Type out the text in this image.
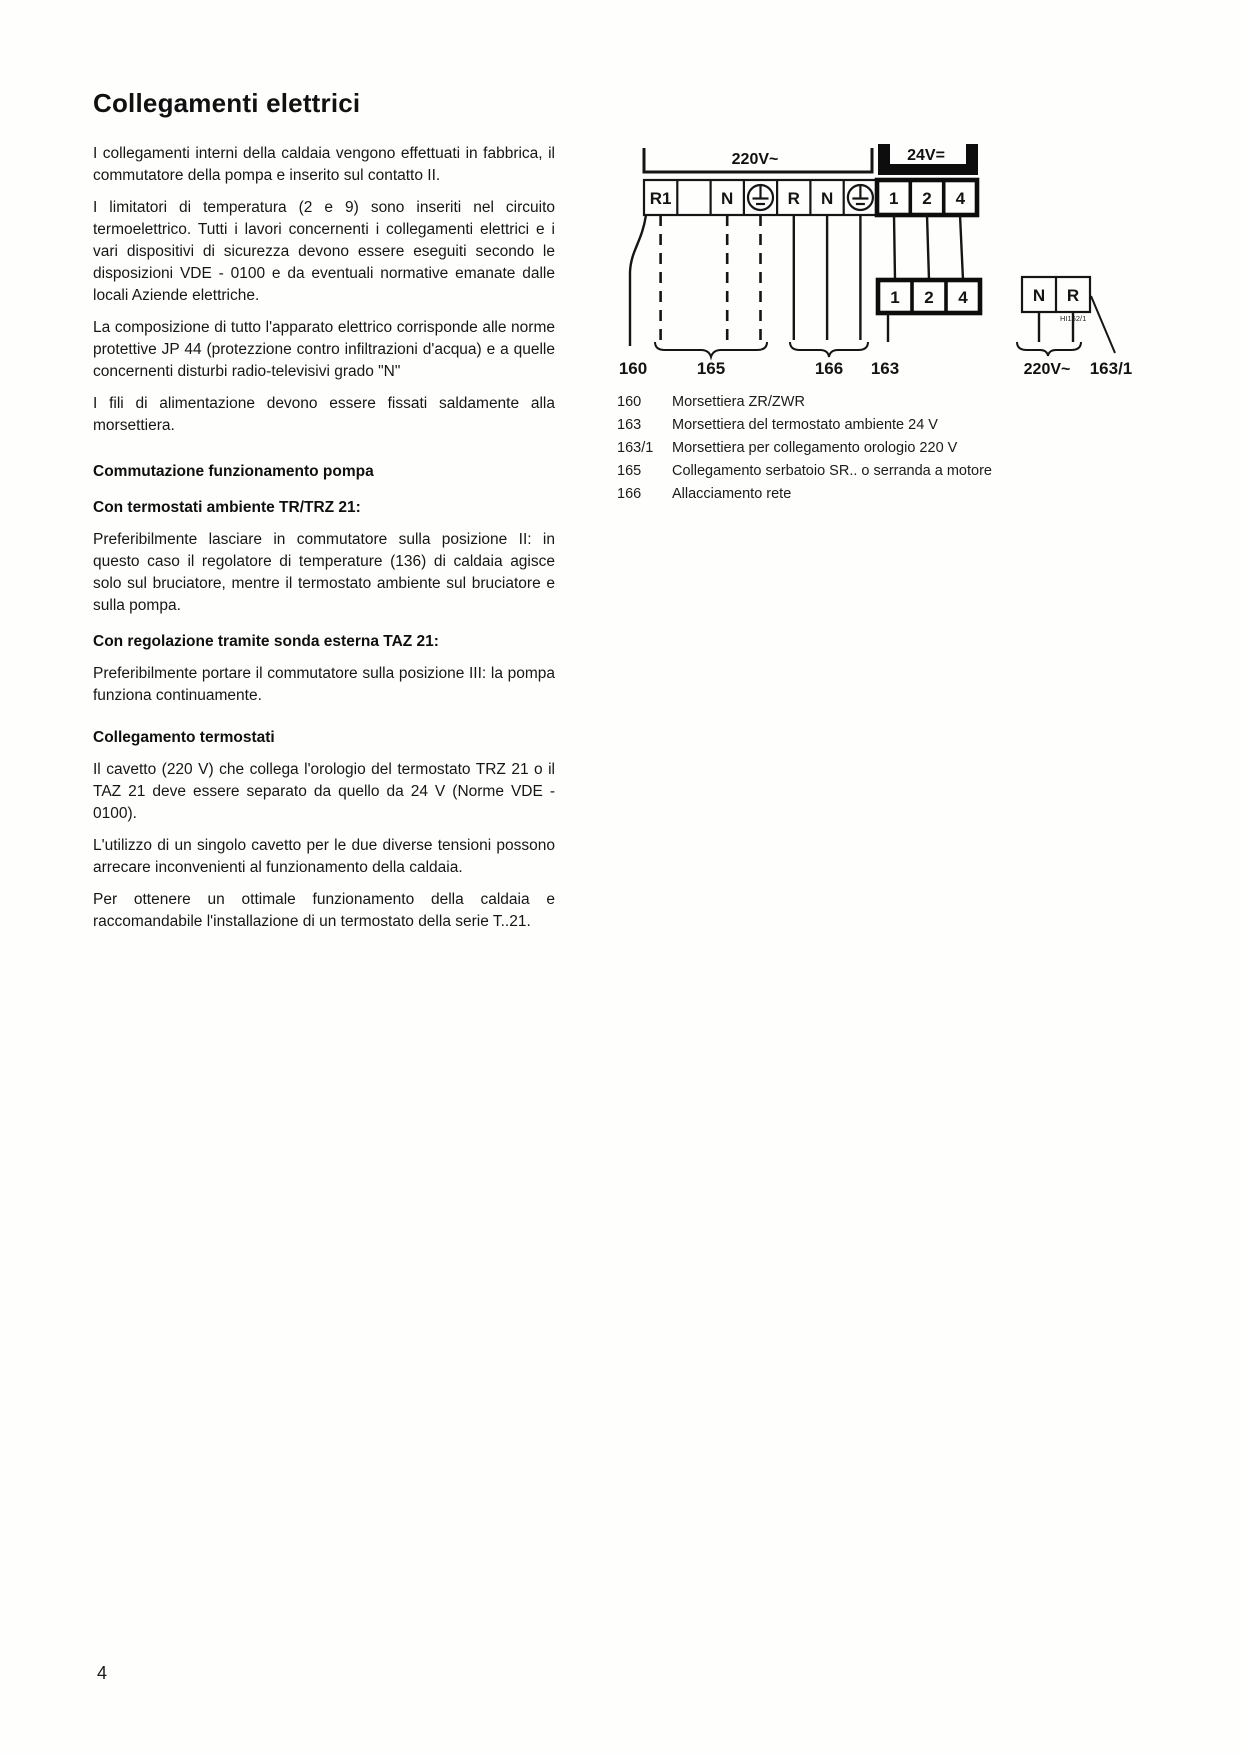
Collegamenti elettrici

I collegamenti interni della caldaia vengono effettuati in fabbrica, il commutatore della pompa e inserito sul contatto II.

I limitatori di temperatura (2 e 9) sono inseriti nel circuito termoelettrico. Tutti i lavori concernenti i collegamenti elettrici e i vari dispositivi di sicurezza devono essere eseguiti secondo le disposizioni VDE - 0100 e da eventuali normative emanate dalle locali Aziende elettriche.

La composizione di tutto l'apparato elettrico corrisponde alle norme protettive JP 44 (protezzione contro infiltrazioni d'acqua) e a quelle concernenti disturbi radio-televisivi grado "N"

I fili di alimentazione devono essere fissati saldamente alla morsettiera.

Commutazione funzionamento pompa
Con termostati ambiente TR/TRZ 21:

Preferibilmente lasciare in commutatore sulla posizione II: in questo caso il regolatore di temperature (136) di caldaia agisce solo sul bruciatore, mentre il termostato ambiente sul bruciatore e sulla pompa.

Con regolazione tramite sonda esterna TAZ 21:

Preferibilmente portare il commutatore sulla posizione III: la pompa funziona continuamente.

Collegamento termostati

Il cavetto (220 V) che collega l'orologio del termostato TRZ 21 o il TAZ 21 deve essere separato da quello da 24 V (Norme VDE - 0100).

L'utilizzo di un singolo cavetto per le due diverse tensioni possono arrecare inconvenienti al funzionamento della caldaia.

Per ottenere un ottimale funzionamento della caldaia e raccomandabile l'installazione di un termostato della serie T..21.

220V~	24V=
R1	N	R N	1 2 4
1 2 4	N R
HI162/1
160	165	166 163	220V~ 163/1
160	Morsettiera ZR/ZWR
163	Morsettiera del termostato ambiente 24 V
163/1	Morsettiera per collegamento orologio 220 V
165	Collegamento serbatoio SR.. o serranda a motore
166	Allacciamento rete
4
